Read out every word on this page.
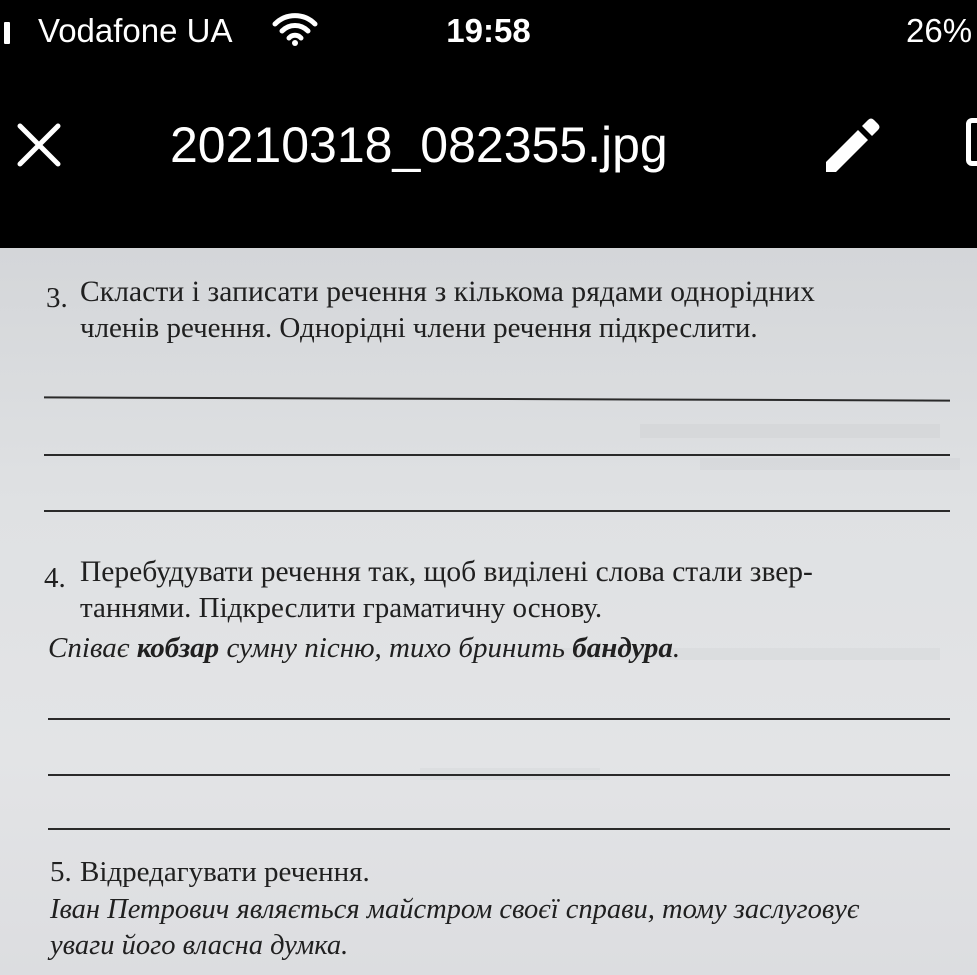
Vodafone UA	19:58	26%
20210318_082355.jpg
3. Скласти і записати речення з кількома рядами однорідних
членів речення. Однорідні члени речення підкреслити.
4. Перебудувати речення так, щоб виділені слова стали звер-
таннями. Підкреслити граматичну основу.
Співає кобзар сумну пісню, тихо бринить бандура.
5. Відредагувати речення.
Іван Петрович являється майстром своєї справи, тому заслуговує
уваги його власна думка.
